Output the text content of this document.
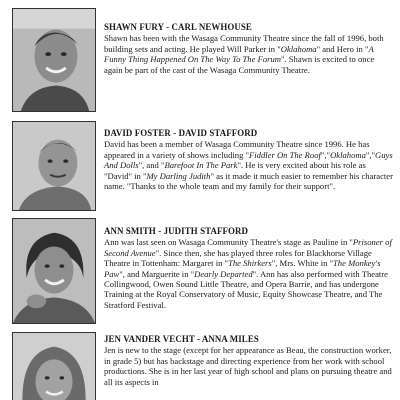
SHAWN FURY - CARL NEWHOUSE

Shawn has been with the Wasaga Community Theatre since the fall of 1996, both building sets and acting. He played Will Parker in "Oklahoma" and Hero in "A Funny Thing Happened On The Way To The Forum". Shawn is excited to once again be part of the cast of the Wasaga Community Theatre.

DAVID FOSTER - DAVID STAFFORD

David has been a member of Wasaga Community Theatre since 1996. He has appeared in a variety of shows including "Fiddler On The Roof","Oklahoma","Guys And Dolls", and "Barefoot In The Park". He is very excited about his role as "David" in "My Darling Judith" as it made it much easier to remember his character name. "Thanks to the whole team and my family for their support".

ANN SMITH - JUDITH STAFFORD

Ann was last seen on Wasaga Community Theatre's stage as Pauline in "Prisoner of Second Avenue". Since then, she has played three roles for Blackhorse Village Theatre in Tottenham: Margaret in "The Shirkers", Mrs. White in "The Monkey's Paw", and Marguerite in "Dearly Departed". Ann has also performed with Theatre Collingwood, Owen Sound Little Theatre, and Opera Barrie, and has undergone Training at the Royal Conservatory of Music, Equity Showcase Theatre, and The Stratford Festival.

JEN VANDER VECHT - ANNA MILES

Jen is new to the stage (except for her appearance as Beau, the construction worker, in grade 5) but has backstage and directing experience from her work with school productions. She is in her last year of high school and plans on pursuing theatre and all its aspects in
